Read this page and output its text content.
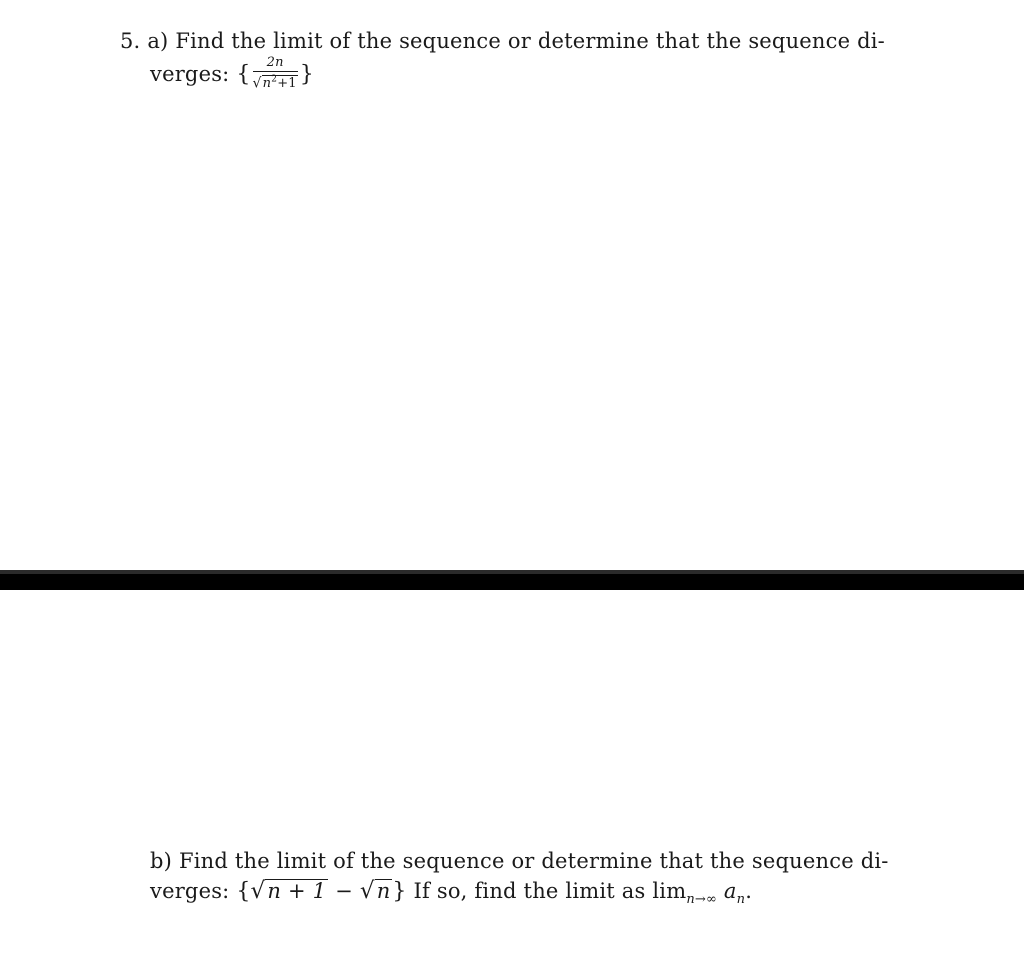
5. a) Find the limit of the sequence or determine that the sequence di-
verges: { $\frac{2n}{√n^2+1}$ }
b) Find the limit of the sequence or determine that the sequence di-
verges: {√n + 1 − √n} If so, find the limit as $\lim_{n\to\infty} a_n$.
